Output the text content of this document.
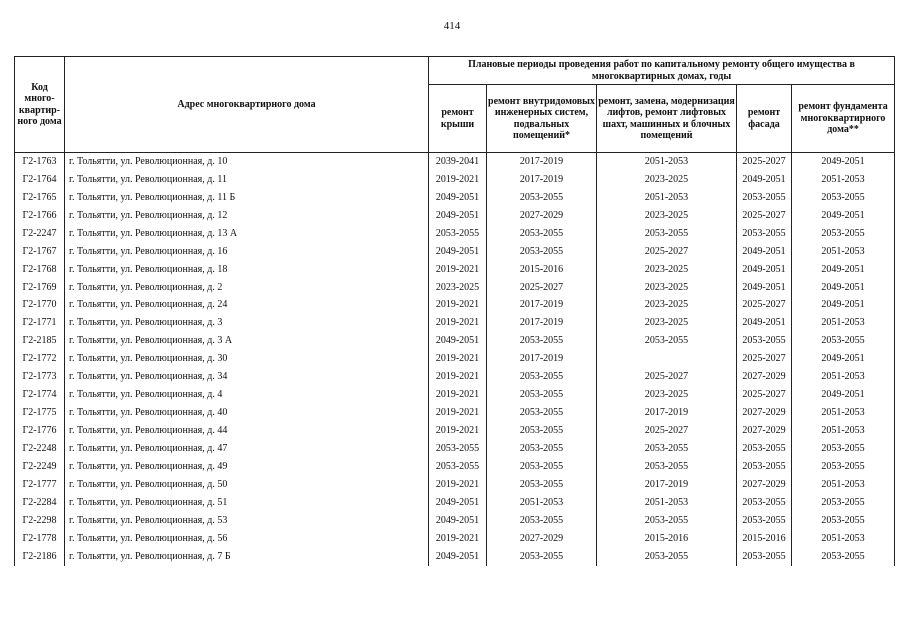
414
Код много-квартир-ного дома	Адрес многоквартирного дома	Плановые периоды проведения работ по капитальному ремонту общего имущества в многоквартирных домах, годы				
		ремонт крыши	ремонт внутридомовых инженерных систем, подвальных помещений*	ремонт, замена, модернизация лифтов, ремонт лифтовых шахт, машинных и блочных помещений	ремонт фасада	ремонт фундамента многоквартирного дома**
Г2-1763	г. Тольятти, ул. Революционная, д. 10	2039-2041	2017-2019	2051-2053	2025-2027	2049-2051
Г2-1764	г. Тольятти, ул. Революционная, д. 11	2019-2021	2017-2019	2023-2025	2049-2051	2051-2053
Г2-1765	г. Тольятти, ул. Революционная, д. 11 Б	2049-2051	2053-2055	2051-2053	2053-2055	2053-2055
Г2-1766	г. Тольятти, ул. Революционная, д. 12	2049-2051	2027-2029	2023-2025	2025-2027	2049-2051
Г2-2247	г. Тольятти, ул. Революционная, д. 13 А	2053-2055	2053-2055	2053-2055	2053-2055	2053-2055
Г2-1767	г. Тольятти, ул. Революционная, д. 16	2049-2051	2053-2055	2025-2027	2049-2051	2051-2053
Г2-1768	г. Тольятти, ул. Революционная, д. 18	2019-2021	2015-2016	2023-2025	2049-2051	2049-2051
Г2-1769	г. Тольятти, ул. Революционная, д. 2	2023-2025	2025-2027	2023-2025	2049-2051	2049-2051
Г2-1770	г. Тольятти, ул. Революционная, д. 24	2019-2021	2017-2019	2023-2025	2025-2027	2049-2051
Г2-1771	г. Тольятти, ул. Революционная, д. 3	2019-2021	2017-2019	2023-2025	2049-2051	2051-2053
Г2-2185	г. Тольятти, ул. Революционная, д. 3 А	2049-2051	2053-2055	2053-2055	2053-2055	2053-2055
Г2-1772	г. Тольятти, ул. Революционная, д. 30	2019-2021	2017-2019		2025-2027	2049-2051
Г2-1773	г. Тольятти, ул. Революционная, д. 34	2019-2021	2053-2055	2025-2027	2027-2029	2051-2053
Г2-1774	г. Тольятти, ул. Революционная, д. 4	2019-2021	2053-2055	2023-2025	2025-2027	2049-2051
Г2-1775	г. Тольятти, ул. Революционная, д. 40	2019-2021	2053-2055	2017-2019	2027-2029	2051-2053
Г2-1776	г. Тольятти, ул. Революционная, д. 44	2019-2021	2053-2055	2025-2027	2027-2029	2051-2053
Г2-2248	г. Тольятти, ул. Революционная, д. 47	2053-2055	2053-2055	2053-2055	2053-2055	2053-2055
Г2-2249	г. Тольятти, ул. Революционная, д. 49	2053-2055	2053-2055	2053-2055	2053-2055	2053-2055
Г2-1777	г. Тольятти, ул. Революционная, д. 50	2019-2021	2053-2055	2017-2019	2027-2029	2051-2053
Г2-2284	г. Тольятти, ул. Революционная, д. 51	2049-2051	2051-2053	2051-2053	2053-2055	2053-2055
Г2-2298	г. Тольятти, ул. Революционная, д. 53	2049-2051	2053-2055	2053-2055	2053-2055	2053-2055
Г2-1778	г. Тольятти, ул. Революционная, д. 56	2019-2021	2027-2029	2015-2016	2015-2016	2051-2053
Г2-2186	г. Тольятти, ул. Революционная, д. 7 Б	2049-2051	2053-2055	2053-2055	2053-2055	2053-2055
